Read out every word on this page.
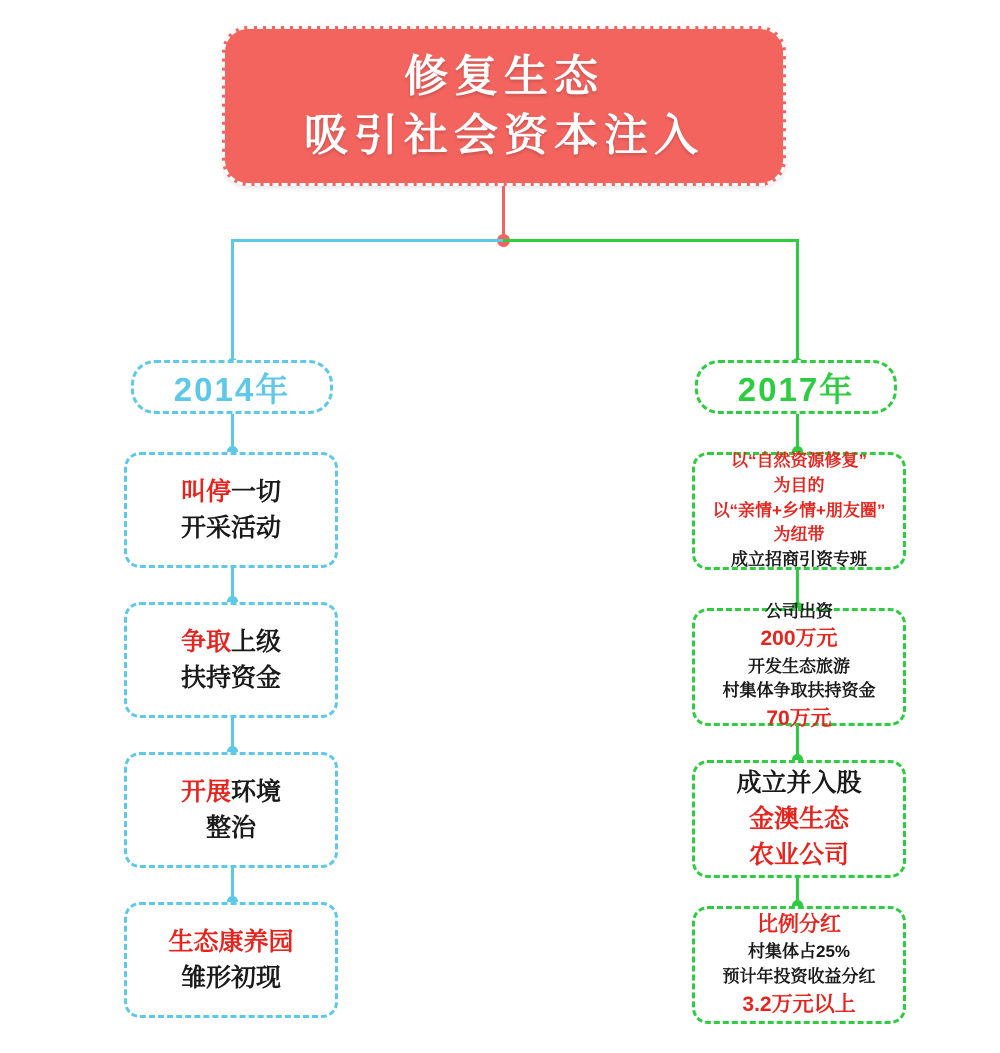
修复生态
吸引社会资本注入
2014年
叫停一切
开采活动
争取上级
扶持资金
开展环境
整治
生态康养园
雏形初现
2017年
以“自然资源修复”
为目的
以“亲情+乡情+朋友圈”
为纽带
成立招商引资专班
公司出资
200万元
开发生态旅游
村集体争取扶持资金
70万元
成立并入股
金澳生态
农业公司
比例分红
村集体占25%
预计年投资收益分红
3.2万元以上
